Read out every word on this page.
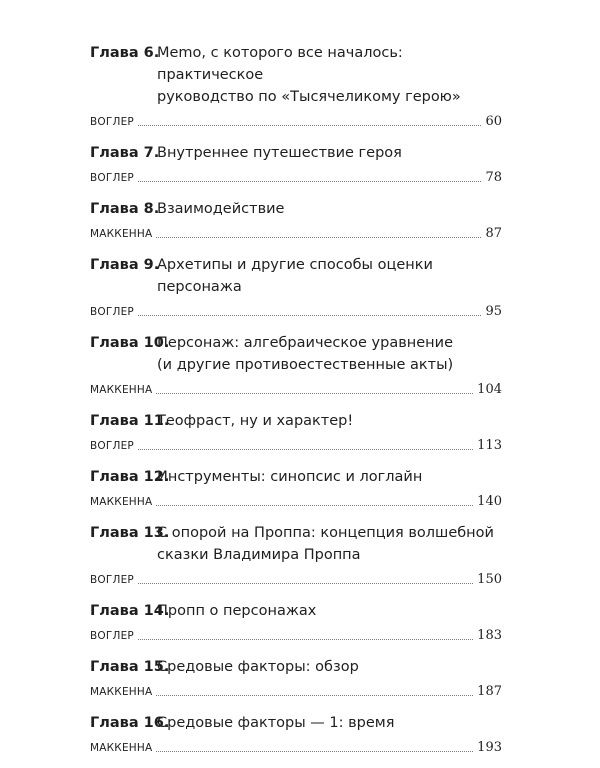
Глава 6.
Memo, с которого все началось: практическое
руководство по «Тысячеликому герою»
ВОГЛЕР	60
Глава 7.
Внутреннее путешествие героя
ВОГЛЕР	78
Глава 8.
Взаимодействие
МАККЕННА	87
Глава 9.
Архетипы и другие способы оценки персонажа
ВОГЛЕР	95
Глава 10.
Персонаж: алгебраическое уравнение
(и другие противоестественные акты)
МАККЕННА	104
Глава 11.
Теофраст, ну и характер!
ВОГЛЕР	113
Глава 12.
Инструменты: синопсис и логлайн
МАККЕННА	140
Глава 13.
С опорой на Проппа: концепция волшебной
сказки Владимира Проппа
ВОГЛЕР	150
Глава 14.
Пропп о персонажах
ВОГЛЕР	183
Глава 15.
Средовые факторы: обзор
МАККЕННА	187
Глава 16.
Средовые факторы — 1: время
МАККЕННА	193
